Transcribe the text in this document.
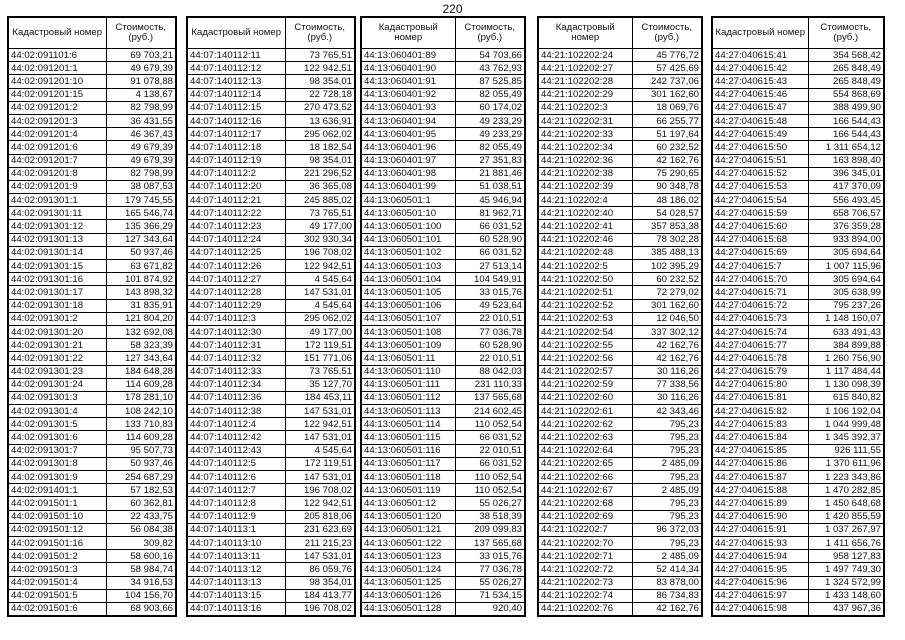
220
Кадастровый номер	Стоимость, (руб.)
44:02:091101:6	69 703,21
44:02:091201:1	49 679,39
44:02:091201:10	91 078,88
44:02:091201:15	4 138,67
44:02:091201:2	82 798,99
44:02:091201:3	36 431,55
44:02:091201:4	46 367,43
44:02:091201:6	49 679,39
44:02:091201:7	49 679,39
44:02:091201:8	82 798,99
44:02:091201:9	38 087,53
44:02:091301:1	179 745,55
44:02:091301:11	165 546,74
44:02:091301:12	135 366,29
44:02:091301:13	127 343,64
44:02:091301:14	50 937,46
44:02:091301:15	63 671,82
44:02:091301:16	101 874,92
44:02:091301:17	143 898,32
44:02:091301:18	31 835,91
44:02:091301:2	121 804,20
44:02:091301:20	132 692,08
44:02:091301:21	58 323,39
44:02:091301:22	127 343,64
44:02:091301:23	184 648,28
44:02:091301:24	114 609,28
44:02:091301:3	178 281,10
44:02:091301:4	108 242,10
44:02:091301:5	133 710,83
44:02:091301:6	114 609,28
44:02:091301:7	95 507,73
44:02:091301:8	50 937,46
44:02:091301:9	254 687,29
44:02:091401:1	57 182,53
44:02:091501:1	60 362,81
44:02:091501:10	22 433,75
44:02:091501:12	56 084,38
44:02:091501:16	309,82
44:02:091501:2	58 600,16
44:02:091501:3	58 984,74
44:02:091501:4	34 916,53
44:02:091501:5	104 156,70
44:02:091501:6	68 903,66
Кадастровый номер	Стоимость, (руб.)
44:07:140112:11	73 765,51
44:07:140112:12	122 942,51
44:07:140112:13	98 354,01
44:07:140112:14	22 728,18
44:07:140112:15	270 473,52
44:07:140112:16	13 636,91
44:07:140112:17	295 062,02
44:07:140112:18	18 182,54
44:07:140112:19	98 354,01
44:07:140112:2	221 296,52
44:07:140112:20	36 365,08
44:07:140112:21	245 885,02
44:07:140112:22	73 765,51
44:07:140112:23	49 177,00
44:07:140112:24	302 930,34
44:07:140112:25	196 708,02
44:07:140112:26	122 942,51
44:07:140112:27	4 545,64
44:07:140112:28	147 531,01
44:07:140112:29	4 545,64
44:07:140112:3	295 062,02
44:07:140112:30	49 177,00
44:07:140112:31	172 119,51
44:07:140112:32	151 771,06
44:07:140112:33	73 765,51
44:07:140112:34	35 127,70
44:07:140112:36	184 453,11
44:07:140112:38	147 531,01
44:07:140112:4	122 942,51
44:07:140112:42	147 531,01
44:07:140112:43	4 545,64
44:07:140112:5	172 119,51
44:07:140112:6	147 531,01
44:07:140112:7	196 708,02
44:07:140112:8	122 942,51
44:07:140112:9	205 818,06
44:07:140113:1	231 623,69
44:07:140113:10	211 215,23
44:07:140113:11	147 531,01
44:07:140113:12	86 059,76
44:07:140113:13	98 354,01
44:07:140113:15	184 413,77
44:07:140113:16	196 708,02
Кадастровый номер	Стоимость, (руб.)
44:13:060401:89	54 703,66
44:13:060401:90	43 762,93
44:13:060401:91	87 525,85
44:13:060401:92	82 055,49
44:13:060401:93	60 174,02
44:13:060401:94	49 233,29
44:13:060401:95	49 233,29
44:13:060401:96	82 055,49
44:13:060401:97	27 351,83
44:13:060401:98	21 881,46
44:13:060401:99	51 038,51
44:13:060501:1	45 946,94
44:13:060501:10	81 962,71
44:13:060501:100	66 031,52
44:13:060501:101	60 528,90
44:13:060501:102	66 031,52
44:13:060501:103	27 513,14
44:13:060501:104	104 549,91
44:13:060501:105	33 015,76
44:13:060501:106	49 523,64
44:13:060501:107	22 010,51
44:13:060501:108	77 036,78
44:13:060501:109	60 528,90
44:13:060501:11	22 010,51
44:13:060501:110	88 042,03
44:13:060501:111	231 110,33
44:13:060501:112	137 565,68
44:13:060501:113	214 602,45
44:13:060501:114	110 052,54
44:13:060501:115	66 031,52
44:13:060501:116	22 010,51
44:13:060501:117	66 031,52
44:13:060501:118	110 052,54
44:13:060501:119	110 052,54
44:13:060501:12	55 026,27
44:13:060501:120	38 518,39
44:13:060501:121	209 099,83
44:13:060501:122	137 565,68
44:13:060501:123	33 015,76
44:13:060501:124	77 036,78
44:13:060501:125	55 026,27
44:13:060501:126	71 534,15
44:13:060501:128	920,40
Кадастровый номер	Стоимость, (руб.)
44:21:102202:24	45 776,72
44:21:102202:27	57 425,69
44:21:102202:28	242 737,06
44:21:102202:29	301 162,60
44:21:102202:3	18 069,76
44:21:102202:31	66 255,77
44:21:102202:33	51 197,64
44:21:102202:34	60 232,52
44:21:102202:36	42 162,76
44:21:102202:38	75 290,65
44:21:102202:39	90 348,78
44:21:102202:4	48 186,02
44:21:102202:40	54 028,57
44:21:102202:41	357 853,38
44:21:102202:46	78 302,28
44:21:102202:48	385 488,13
44:21:102202:5	102 395,29
44:21:102202:50	60 232,52
44:21:102202:51	72 279,02
44:21:102202:52	301 162,60
44:21:102202:53	12 046,50
44:21:102202:54	337 302,12
44:21:102202:55	42 162,76
44:21:102202:56	42 162,76
44:21:102202:57	30 116,26
44:21:102202:59	77 338,56
44:21:102202:60	30 116,26
44:21:102202:61	42 343,46
44:21:102202:62	795,23
44:21:102202:63	795,23
44:21:102202:64	795,23
44:21:102202:65	2 485,09
44:21:102202:66	795,23
44:21:102202:67	2 485,09
44:21:102202:68	795,23
44:21:102202:69	795,23
44:21:102202:7	96 372,03
44:21:102202:70	795,23
44:21:102202:71	2 485,09
44:21:102202:72	52 414,34
44:21:102202:73	83 878,00
44:21:102202:74	86 734,83
44:21:102202:76	42 162,76
Кадастровый номер	Стоимость, (руб.)
44:27:040615:41	354 568,42
44:27:040615:42	265 848,49
44:27:040615:43	265 848,49
44:27:040615:46	554 868,69
44:27:040615:47	388 499,90
44:27:040615:48	166 544,43
44:27:040615:49	166 544,43
44:27:040615:50	1 311 654,12
44:27:040615:51	163 898,40
44:27:040615:52	396 345,01
44:27:040615:53	417 370,09
44:27:040615:54	556 493,45
44:27:040615:59	658 706,57
44:27:040615:60	376 359,28
44:27:040615:68	933 894,00
44:27:040615:69	305 694,64
44:27:040615:7	1 007 115,96
44:27:040615:70	305 694,64
44:27:040615:71	305 638,99
44:27:040615:72	795 237,26
44:27:040615:73	1 148 160,07
44:27:040615:74	633 491,43
44:27:040615:77	384 899,88
44:27:040615:78	1 260 756,90
44:27:040615:79	1 117 484,44
44:27:040615:80	1 130 098,39
44:27:040615:81	615 840,82
44:27:040615:82	1 106 192,04
44:27:040615:83	1 044 999,48
44:27:040615:84	1 345 392,37
44:27:040615:85	926 111,55
44:27:040615:86	1 370 611,96
44:27:040615:87	1 223 343,86
44:27:040615:88	1 470 282,85
44:27:040615:89	1 450 648,68
44:27:040615:90	1 420 855,59
44:27:040615:91	1 037 267,97
44:27:040615:93	1 411 656,76
44:27:040615:94	958 127,83
44:27:040615:95	1 497 749,30
44:27:040615:96	1 324 572,99
44:27:040615:97	1 433 148,60
44:27:040615:98	437 967,36
